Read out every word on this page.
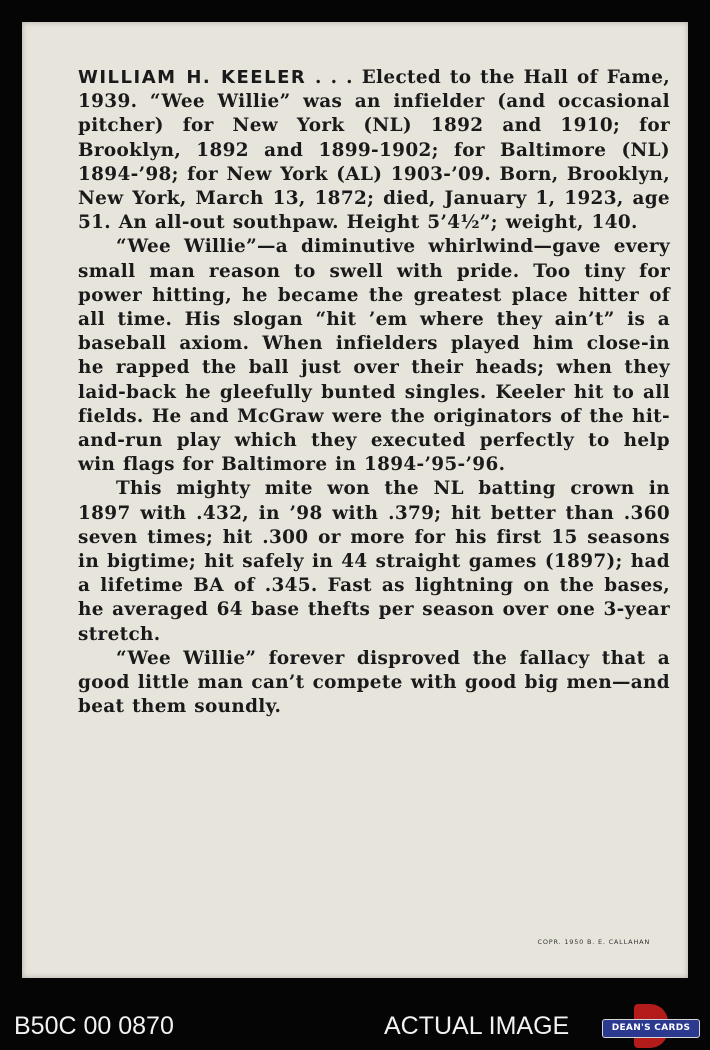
WILLIAM H. KEELER . . . Elected to the Hall of Fame, 1939. “Wee Willie” was an infielder (and occasional pitcher) for New York (NL) 1892 and 1910; for Brooklyn, 1892 and 1899-1902; for Baltimore (NL) 1894-’98; for New York (AL) 1903-’09. Born, Brooklyn, New York, March 13, 1872; died, January 1, 1923, age 51. An all-out southpaw. Height 5’4½”; weight, 140.

“Wee Willie”—a diminutive whirlwind—gave every small man reason to swell with pride. Too tiny for power hitting, he became the greatest place hitter of all time. His slogan “hit ’em where they ain’t” is a baseball axiom. When infielders played him close-in he rapped the ball just over their heads; when they laid-back he gleefully bunted singles. Keeler hit to all fields. He and McGraw were the originators of the hit-and-run play which they executed perfectly to help win flags for Baltimore in 1894-’95-’96.

This mighty mite won the NL batting crown in 1897 with .432, in ’98 with .379; hit better than .360 seven times; hit .300 or more for his first 15 seasons in bigtime; hit safely in 44 straight games (1897); had a lifetime BA of .345. Fast as lightning on the bases, he averaged 64 base thefts per season over one 3-year stretch.

“Wee Willie” forever disproved the fallacy that a good little man can’t compete with good big men—and beat them soundly.

COPR. 1950 B. E. CALLAHAN
B50C 00 0870	ACTUAL IMAGE	DEAN'S CARDS
